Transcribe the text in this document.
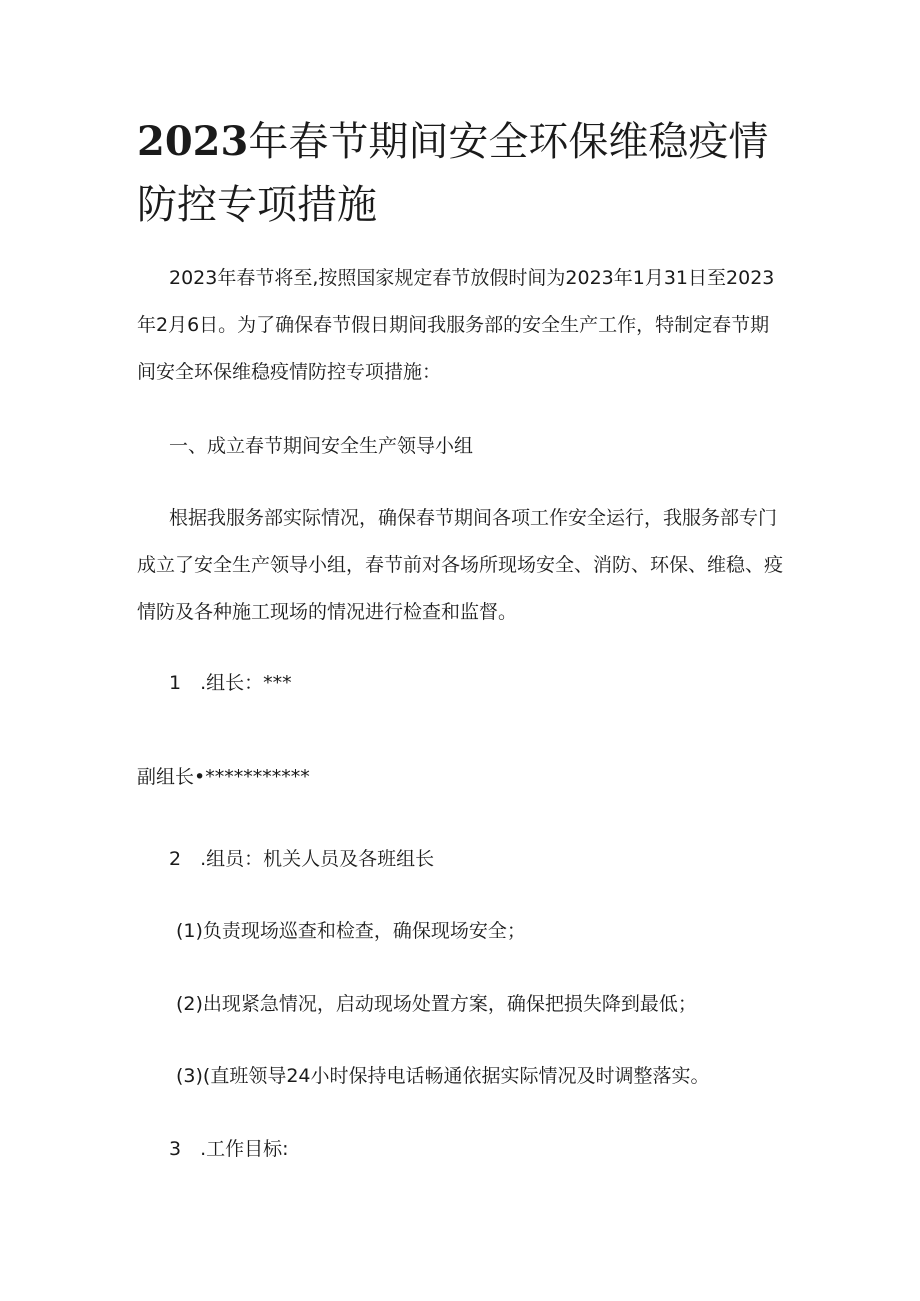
2023年春节期间安全环保维稳疫情
防控专项措施

2023年春节将至,按照国家规定春节放假时间为2023年1月31日至2023年2月6日。为了确保春节假日期间我服务部的安全生产工作，特制定春节期间安全环保维稳疫情防控专项措施：

一、成立春节期间安全生产领导小组

根据我服务部实际情况，确保春节期间各项工作安全运行，我服务部专门成立了安全生产领导小组，春节前对各场所现场安全、消防、环保、维稳、疫情防及各种施工现场的情况进行检查和监督。

1　.组长：***

副组长•***********

2　.组员：机关人员及各班组长

(1)负责现场巡查和检查，确保现场安全；

(2)出现紧急情况，启动现场处置方案，确保把损失降到最低；

(3)(直班领导24小时保持电话畅通依据实际情况及时调整落实。

3　.工作目标:
